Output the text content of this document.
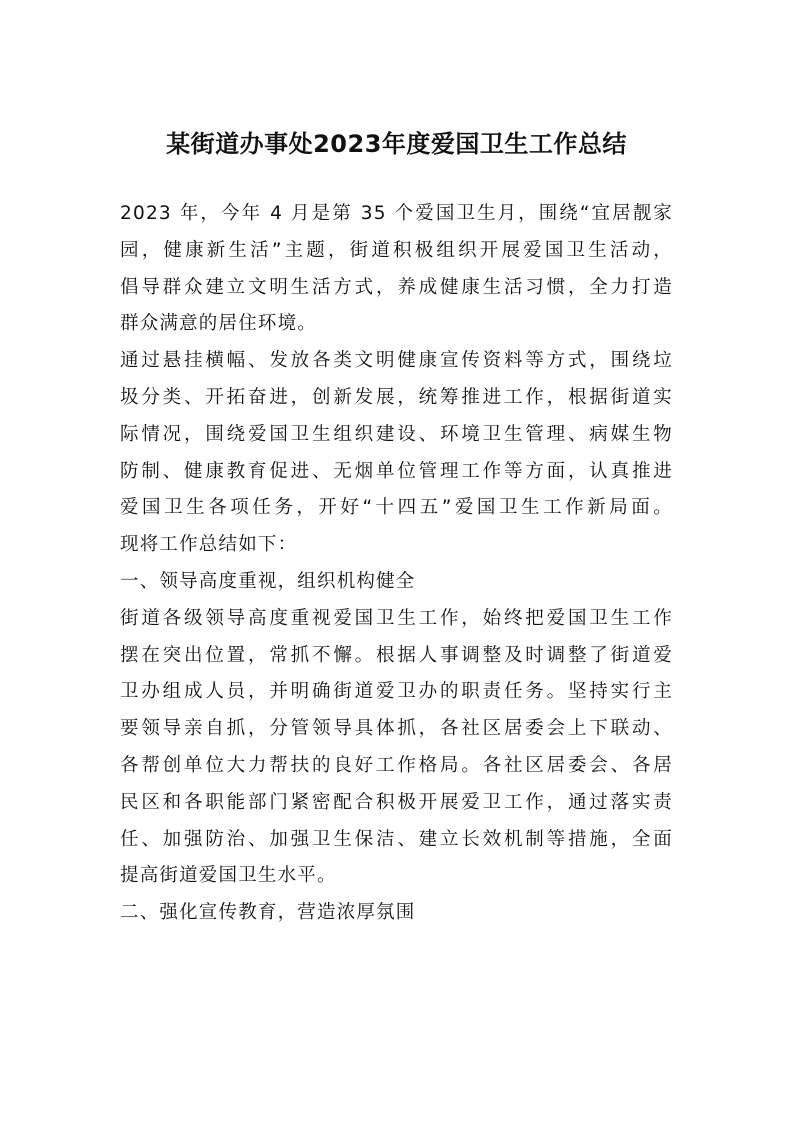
某街道办事处2023年度爱国卫生工作总结
2023 年，今年 4 月是第 35 个爱国卫生月，围绕“宜居靓家
园，健康新生活”主题，街道积极组织开展爱国卫生活动，
倡导群众建立文明生活方式，养成健康生活习惯，全力打造
群众满意的居住环境。
通过悬挂横幅、发放各类文明健康宣传资料等方式，围绕垃
圾分类、开拓奋进，创新发展，统筹推进工作，根据街道实
际情况，围绕爱国卫生组织建设、环境卫生管理、病媒生物
防制、健康教育促进、无烟单位管理工作等方面，认真推进
爱国卫生各项任务，开好“十四五”爱国卫生工作新局面。
现将工作总结如下：
一、领导高度重视，组织机构健全
街道各级领导高度重视爱国卫生工作，始终把爱国卫生工作
摆在突出位置，常抓不懈。根据人事调整及时调整了街道爱
卫办组成人员，并明确街道爱卫办的职责任务。坚持实行主
要领导亲自抓，分管领导具体抓，各社区居委会上下联动、
各帮创单位大力帮扶的良好工作格局。各社区居委会、各居
民区和各职能部门紧密配合积极开展爱卫工作，通过落实责
任、加强防治、加强卫生保洁、建立长效机制等措施，全面
提高街道爱国卫生水平。
二、强化宣传教育，营造浓厚氛围
